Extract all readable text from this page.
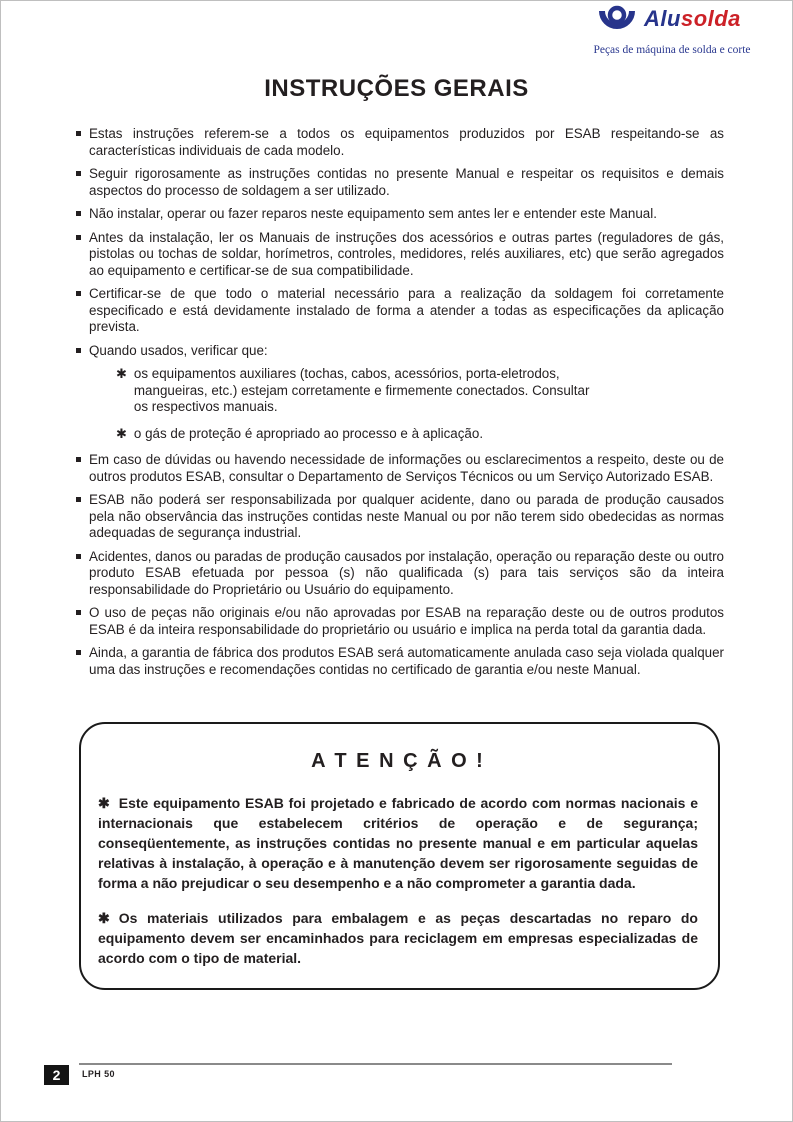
Alusolda
Peças de máquina de solda e corte
INSTRUÇÕES GERAIS
Estas instruções referem-se a todos os equipamentos produzidos por ESAB respeitando-se as características individuais de cada modelo.
Seguir rigorosamente as instruções contidas no presente Manual e respeitar os requisitos e demais aspectos do processo de soldagem a ser utilizado.
Não instalar, operar ou fazer reparos neste equipamento sem antes ler e entender este Manual.
Antes da instalação, ler os Manuais de instruções dos acessórios e outras partes (reguladores de gás, pistolas ou tochas de soldar, horímetros, controles, medidores, relés auxiliares, etc) que serão agregados ao equipamento e certificar-se de sua compatibilidade.
Certificar-se de que todo o material necessário para a realização da soldagem foi corretamente especificado e está devidamente instalado de forma a atender a todas as especificações da aplicação prevista.
Quando usados, verificar que:
✱ os equipamentos auxiliares (tochas, cabos, acessórios, porta-eletrodos, mangueiras, etc.) estejam corretamente e firmemente conectados. Consultar os respectivos manuais.
✱ o gás de proteção é apropriado ao processo e à aplicação.
Em caso de dúvidas ou havendo necessidade de informações ou esclarecimentos a respeito, deste ou de outros produtos ESAB, consultar o Departamento de Serviços Técnicos ou um Serviço Autorizado ESAB.
ESAB não poderá ser responsabilizada por qualquer acidente, dano ou parada de produção causados pela não observância das instruções contidas neste Manual ou por não terem sido obedecidas as normas adequadas de segurança industrial.
Acidentes, danos ou paradas de produção causados por instalação, operação ou reparação deste ou outro produto ESAB efetuada por pessoa (s) não qualificada (s) para tais serviços são da inteira responsabilidade do Proprietário ou Usuário do equipamento.
O uso de peças não originais e/ou não aprovadas por ESAB na reparação deste ou de outros produtos ESAB é da inteira responsabilidade do proprietário ou usuário e implica na perda total da garantia dada.
Ainda, a garantia de fábrica dos produtos ESAB será automaticamente anulada caso seja violada qualquer uma das instruções e recomendações contidas no certificado de garantia e/ou neste Manual.
A T E N Ç Ã O !

✱ Este equipamento ESAB foi projetado e fabricado de acordo com normas nacionais e internacionais que estabelecem critérios de operação e de segurança; conseqüentemente, as instruções contidas no presente manual e em particular aquelas relativas à instalação, à operação e à manutenção devem ser rigorosamente seguidas de forma a não prejudicar o seu desempenho e a não comprometer a garantia dada.

✱ Os materiais utilizados para embalagem e as peças descartadas no reparo do equipamento devem ser encaminhados para reciclagem em empresas especializadas de acordo com o tipo de material.

2	LPH 50
